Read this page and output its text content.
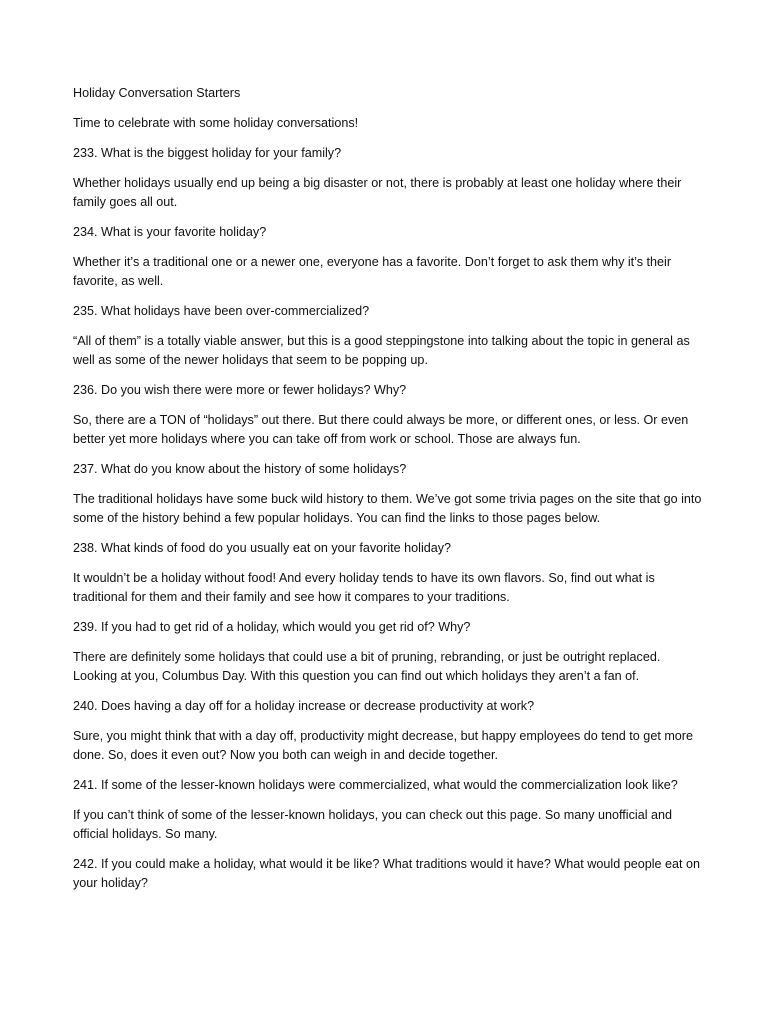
Holiday Conversation Starters

Time to celebrate with some holiday conversations!

233. What is the biggest holiday for your family?

Whether holidays usually end up being a big disaster or not, there is probably at least one holiday where their family goes all out.

234. What is your favorite holiday?

Whether it’s a traditional one or a newer one, everyone has a favorite. Don’t forget to ask them why it’s their favorite, as well.

235. What holidays have been over-commercialized?

“All of them” is a totally viable answer, but this is a good steppingstone into talking about the topic in general as well as some of the newer holidays that seem to be popping up.

236. Do you wish there were more or fewer holidays? Why?

So, there are a TON of “holidays” out there. But there could always be more, or different ones, or less. Or even better yet more holidays where you can take off from work or school. Those are always fun.

237. What do you know about the history of some holidays?

The traditional holidays have some buck wild history to them. We’ve got some trivia pages on the site that go into some of the history behind a few popular holidays. You can find the links to those pages below.

238. What kinds of food do you usually eat on your favorite holiday?

It wouldn’t be a holiday without food! And every holiday tends to have its own flavors. So, find out what is traditional for them and their family and see how it compares to your traditions.

239. If you had to get rid of a holiday, which would you get rid of? Why?

There are definitely some holidays that could use a bit of pruning, rebranding, or just be outright replaced. Looking at you, Columbus Day. With this question you can find out which holidays they aren’t a fan of.

240. Does having a day off for a holiday increase or decrease productivity at work?

Sure, you might think that with a day off, productivity might decrease, but happy employees do tend to get more done. So, does it even out? Now you both can weigh in and decide together.

241. If some of the lesser-known holidays were commercialized, what would the commercialization look like?

If you can’t think of some of the lesser-known holidays, you can check out this page. So many unofficial and official holidays. So many.

242. If you could make a holiday, what would it be like? What traditions would it have? What would people eat on your holiday?
